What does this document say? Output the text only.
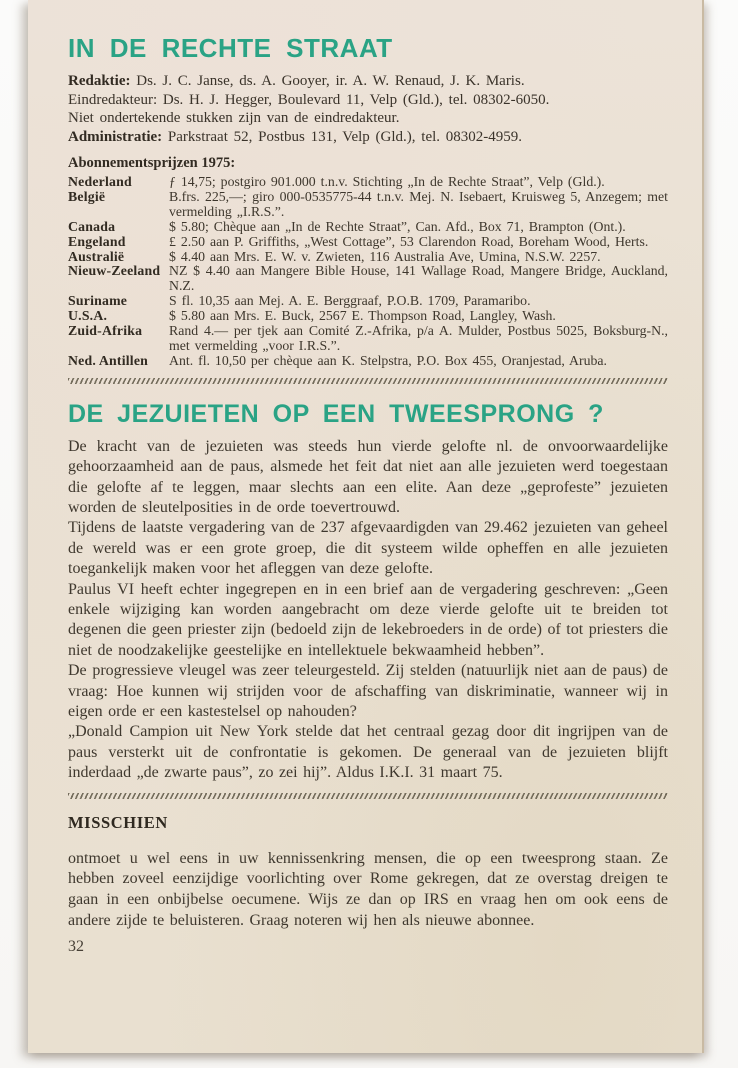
IN DE RECHTE STRAAT
Redaktie: Ds. J. C. Janse, ds. A. Gooyer, ir. A. W. Renaud, J. K. Maris.
Eindredakteur: Ds. H. J. Hegger, Boulevard 11, Velp (Gld.), tel. 08302-6050.
Niet ondertekende stukken zijn van de eindredakteur.
Administratie: Parkstraat 52, Postbus 131, Velp (Gld.), tel. 08302-4959.
Abonnementsprijzen 1975:
Nederland	ƒ 14,75; postgiro 901.000 t.n.v. Stichting „In de Rechte Straat”, Velp (Gld.).
België	B.frs. 225,—; giro 000-0535775-44 t.n.v. Mej. N. Isebaert, Kruisweg 5, Anzegem; met vermelding „I.R.S.”.
Canada	$ 5.80; Chèque aan „In de Rechte Straat”, Can. Afd., Box 71, Brampton (Ont.).
Engeland	£ 2.50 aan P. Griffiths, „West Cottage”, 53 Clarendon Road, Boreham Wood, Herts.
Australië	$ 4.40 aan Mrs. E. W. v. Zwieten, 116 Australia Ave, Umina, N.S.W. 2257.
Nieuw-Zeeland NZ $ 4.40 aan Mangere Bible House, 141 Wallage Road, Mangere Bridge, Auckland, N.Z.
Suriname	S fl. 10,35 aan Mej. A. E. Berggraaf, P.O.B. 1709, Paramaribo.
U.S.A.	$ 5.80 aan Mrs. E. Buck, 2567 E. Thompson Road, Langley, Wash.
Zuid-Afrika	Rand 4.— per tjek aan Comité Z.-Afrika, p/a A. Mulder, Postbus 5025, Boksburg-N., met vermelding „voor I.R.S.”.
Ned. Antillen	Ant. fl. 10,50 per chèque aan K. Stelpstra, P.O. Box 455, Oranjestad, Aruba.
DE JEZUIETEN OP EEN TWEESPRONG ?

De kracht van de jezuieten was steeds hun vierde gelofte nl. de onvoorwaardelijke gehoorzaamheid aan de paus, alsmede het feit dat niet aan alle jezuieten werd toegestaan die gelofte af te leggen, maar slechts aan een elite. Aan deze „geprofeste” jezuieten worden de sleutelposities in de orde toevertrouwd.

Tijdens de laatste vergadering van de 237 afgevaardigden van 29.462 jezuieten van geheel de wereld was er een grote groep, die dit systeem wilde opheffen en alle jezuieten toegankelijk maken voor het afleggen van deze gelofte.

Paulus VI heeft echter ingegrepen en in een brief aan de vergadering geschreven: „Geen enkele wijziging kan worden aangebracht om deze vierde gelofte uit te breiden tot degenen die geen priester zijn (bedoeld zijn de lekebroeders in de orde) of tot priesters die niet de noodzakelijke geestelijke en intellektuele bekwaamheid hebben”.

De progressieve vleugel was zeer teleurgesteld. Zij stelden (natuurlijk niet aan de paus) de vraag: Hoe kunnen wij strijden voor de afschaffing van diskriminatie, wanneer wij in eigen orde er een kastestelsel op nahouden?

„Donald Campion uit New York stelde dat het centraal gezag door dit ingrijpen van de paus versterkt uit de confrontatie is gekomen. De generaal van de jezuieten blijft inderdaad „de zwarte paus”, zo zei hij”. Aldus I.K.I. 31 maart 75.

MISSCHIEN
ontmoet u wel eens in uw kennissenkring mensen, die op een tweesprong staan. Ze hebben zoveel eenzijdige voorlichting over Rome gekregen, dat ze overstag dreigen te gaan in een onbijbelse oecumene. Wijs ze dan op IRS en vraag hen om ook eens de andere zijde te beluisteren. Graag noteren wij hen als nieuwe abonnee.
32
